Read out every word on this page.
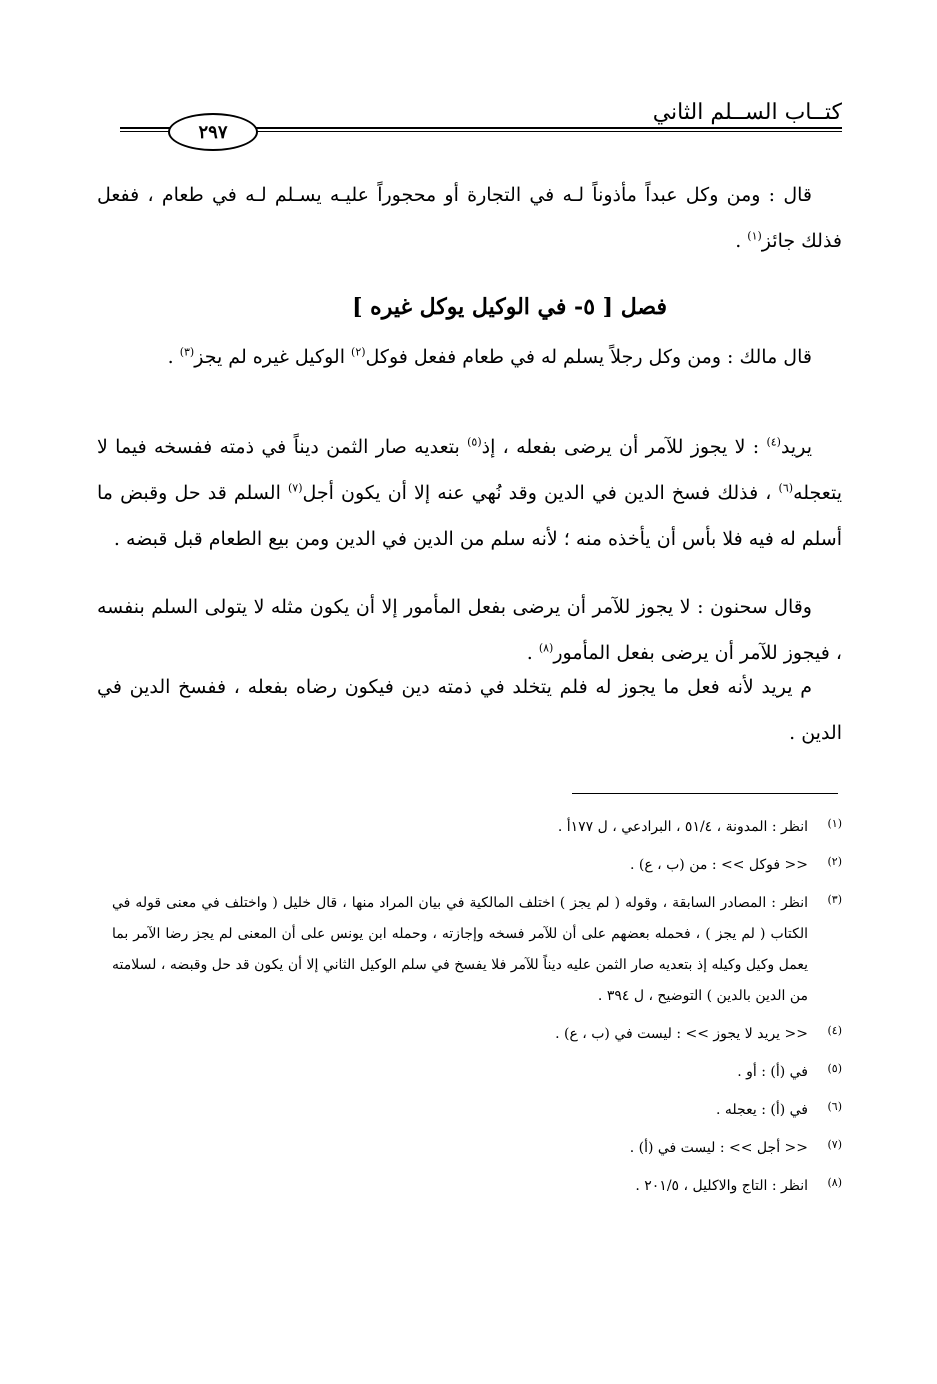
كتــاب الســلم الثاني
٢٩٧

قال : ومن وكل عبداً مأذوناً لـه في التجارة أو محجوراً عليـه يسـلم لـه في طعام ، ففعل فذلك جائز$^{(١)}$ .

فصل [ ٥- في الوكيل يوكل غيره ]

قال مالك : ومن وكل رجلاً يسلم له في طعام ففعل فوكل$^{(٢)}$ الوكيل غيره لم يجز$^{(٣)}$ .

يريد$^{(٤)}$ : لا يجوز للآمر أن يرضى بفعله ، إذ$^{(٥)}$ بتعديه صار الثمن ديناً في ذمته ففسخه فيما لا يتعجله$^{(٦)}$ ، فذلك فسخ الدين في الدين وقد نُهي عنه إلا أن يكون أجل$^{(٧)}$ السلم قد حل وقبض ما أسلم له فيه فلا بأس أن يأخذه منه ؛ لأنه سلم من الدين في الدين ومن بيع الطعام قبل قبضه .

وقال سحنون : لا يجوز للآمر أن يرضى بفعل المأمور إلا أن يكون مثله لا يتولى السلم بنفسه ، فيجوز للآمر أن يرضى بفعل المأمور$^{(٨)}$ .

م يريد لأنه فعل ما يجوز له فلم يتخلد في ذمته دين فيكون رضاه بفعله ، ففسخ الدين في الدين .

(١)
انظر : المدونة ، ٥١/٤ ، البرادعي ، ل ١٧٧أ .
(٢)
<< فوكل >> : من (ب ، ع) .
(٣)
انظر : المصادر السابقة ، وقوله ( لم يجز ) اختلف المالكية في بيان المراد منها ، قال خليل ( واختلف في معنى قوله في الكتاب ( لم يجز ) ، فحمله بعضهم على أن للآمر فسخه وإجازته ، وحمله ابن يونس على أن المعنى لم يجز رضا الآمر بما يعمل وكيل وكيله إذ بتعديه صار الثمن عليه ديناً للآمر فلا يفسخ في سلم الوكيل الثاني إلا أن يكون قد حل وقبضه ، لسلامته من الدين بالدين ) التوضيح ، ل ٣٩٤ .
(٤)
<< يريد لا يجوز >> : ليست في (ب ، ع) .
(٥)
في (أ) : أو .
(٦)
في (أ) : يعجله .
(٧)
<< أجل >> : ليست في (أ) .
(٨)
انظر : التاج والاكليل ، ٢٠١/٥ .
